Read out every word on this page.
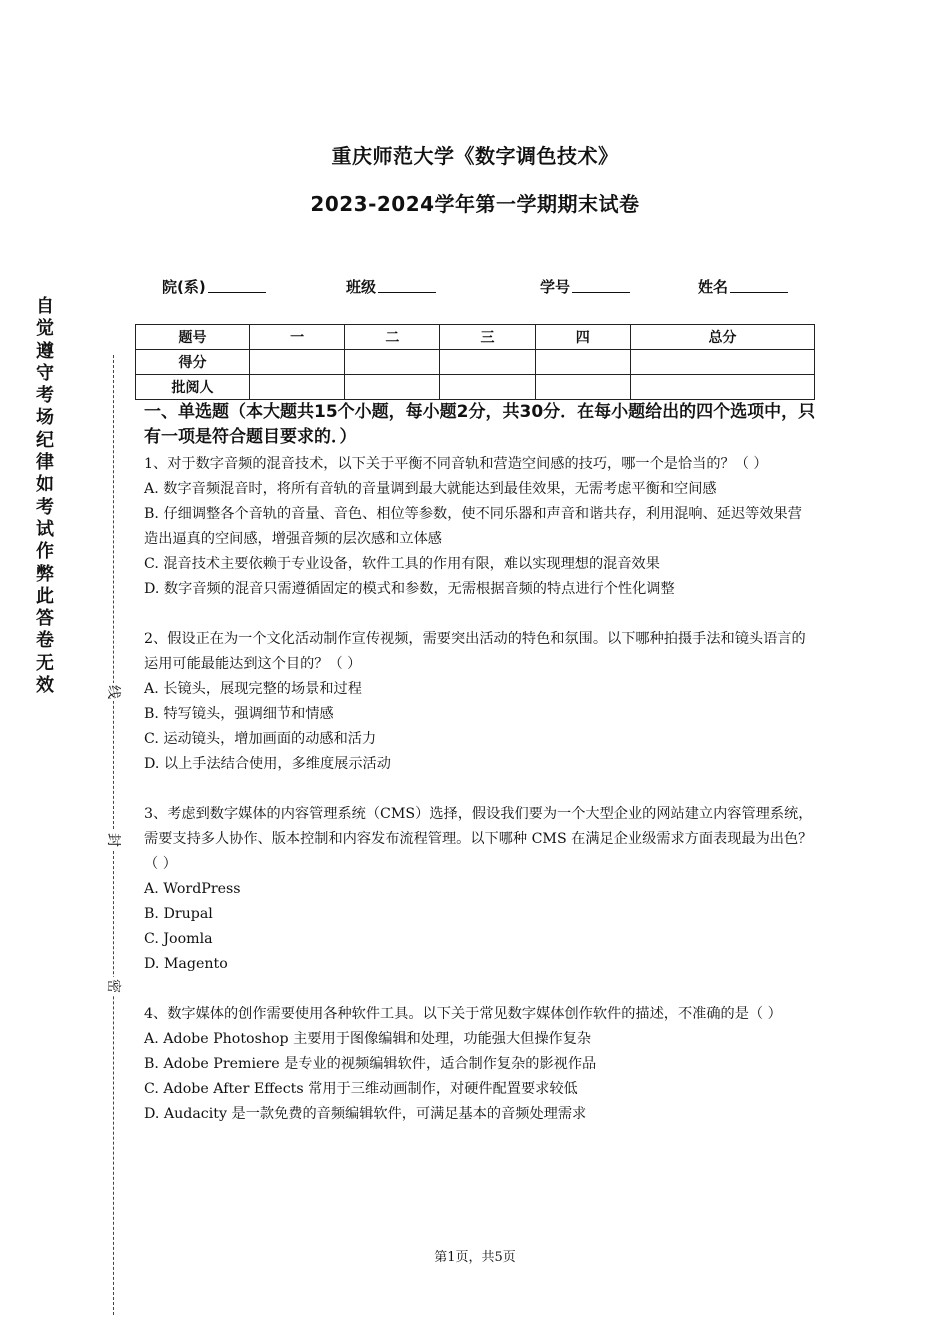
重庆师范大学《数字调色技术》
2023-2024学年第一学期期末试卷
院(系)	班级	学号	姓名
题号	一	二	三	四	总分
得分					
批阅人					
自
觉
遵
守
考
场
纪
律
如
考
试
作
弊
此
答
卷
无
效	线
封
密
一、单选题（本大题共15个小题，每小题2分，共30分．在每小题给出的四个选项中，只有一项是符合题目要求的．）

1、对于数字音频的混音技术，以下关于平衡不同音轨和营造空间感的技巧，哪一个是恰当的？（ ）

A. 数字音频混音时，将所有音轨的音量调到最大就能达到最佳效果，无需考虑平衡和空间感
B. 仔细调整各个音轨的音量、音色、相位等参数，使不同乐器和声音和谐共存，利用混响、延迟等效果营造出逼真的空间感，增强音频的层次感和立体感
C. 混音技术主要依赖于专业设备，软件工具的作用有限，难以实现理想的混音效果
D. 数字音频的混音只需遵循固定的模式和参数，无需根据音频的特点进行个性化调整

2、假设正在为一个文化活动制作宣传视频，需要突出活动的特色和氛围。以下哪种拍摄手法和镜头语言的运用可能最能达到这个目的？（ ）

A. 长镜头，展现完整的场景和过程
B. 特写镜头，强调细节和情感
C. 运动镜头，增加画面的动感和活力
D. 以上手法结合使用，多维度展示活动

3、考虑到数字媒体的内容管理系统（CMS）选择，假设我们要为一个大型企业的网站建立内容管理系统，需要支持多人协作、版本控制和内容发布流程管理。以下哪种 CMS 在满足企业级需求方面表现最为出色？（ ）

A. WordPress
B. Drupal
C. Joomla
D. Magento

4、数字媒体的创作需要使用各种软件工具。以下关于常见数字媒体创作软件的描述，不准确的是（ ）

A. Adobe Photoshop 主要用于图像编辑和处理，功能强大但操作复杂
B. Adobe Premiere 是专业的视频编辑软件，适合制作复杂的影视作品
C. Adobe After Effects 常用于三维动画制作，对硬件配置要求较低
D. Audacity 是一款免费的音频编辑软件，可满足基本的音频处理需求
第1页，共5页
